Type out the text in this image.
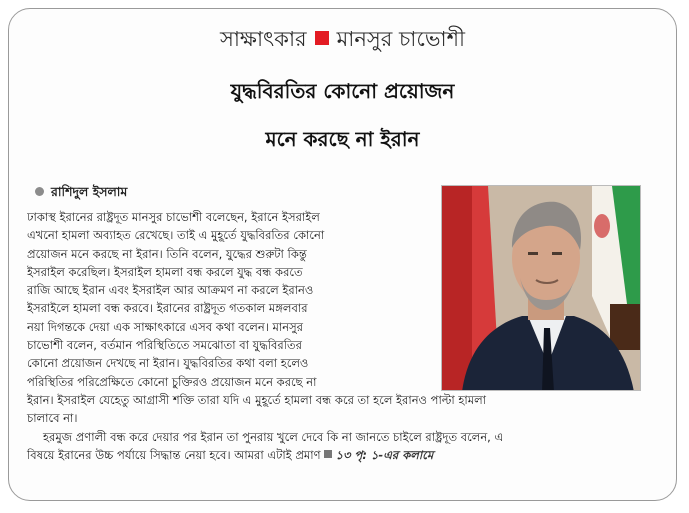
সাক্ষাৎকার মানসুর চাভোশী
যুদ্ধবিরতির কোনো প্রয়োজন
মনে করছে না ইরান
রাশিদুল ইসলাম
ঢাকাস্থ ইরানের রাষ্ট্রদূত মানসুর চাভোশী বলেছেন, ইরানে ইসরাইল
এখনো হামলা অব্যাহত রেখেছে। তাই এ মুহূর্তে যুদ্ধবিরতির কোনো
প্রয়োজন মনে করছে না ইরান। তিনি বলেন, যুদ্ধের শুরুটা কিন্তু
ইসরাইল করেছিল। ইসরাইল হামলা বন্ধ করলে যুদ্ধ বন্ধ করতে
রাজি আছে ইরান এবং ইসরাইল আর আক্রমণ না করলে ইরানও
ইসরাইলে হামলা বন্ধ করবে। ইরানের রাষ্ট্রদূত গতকাল মঙ্গলবার
নয়া দিগন্তকে দেয়া এক সাক্ষাৎকারে এসব কথা বলেন। মানসুর
চাভোশী বলেন, বর্তমান পরিস্থিতিতে সমঝোতা বা যুদ্ধবিরতির
কোনো প্রয়োজন দেখছে না ইরান। যুদ্ধবিরতির কথা বলা হলেও
পরিস্থিতির পরিপ্রেক্ষিতে কোনো চুক্তিরও প্রয়োজন মনে করছে না
ইরান। ইসরাইল যেহেতু আগ্রাসী শক্তি তারা যদি এ মুহূর্তে হামলা বন্ধ করে তা হলে ইরানও পাল্টা হামলা
চালাবে না।
হরমুজ প্রণালী বন্ধ করে দেয়ার পর ইরান তা পুনরায় খুলে দেবে কি না জানতে চাইলে রাষ্ট্রদূত বলেন, এ
বিষয়ে ইরানের উচ্চ পর্যায়ে সিদ্ধান্ত নেয়া হবে। আমরা এটাই প্রমাণ ১৩ পৃ: ১-এর কলামে
